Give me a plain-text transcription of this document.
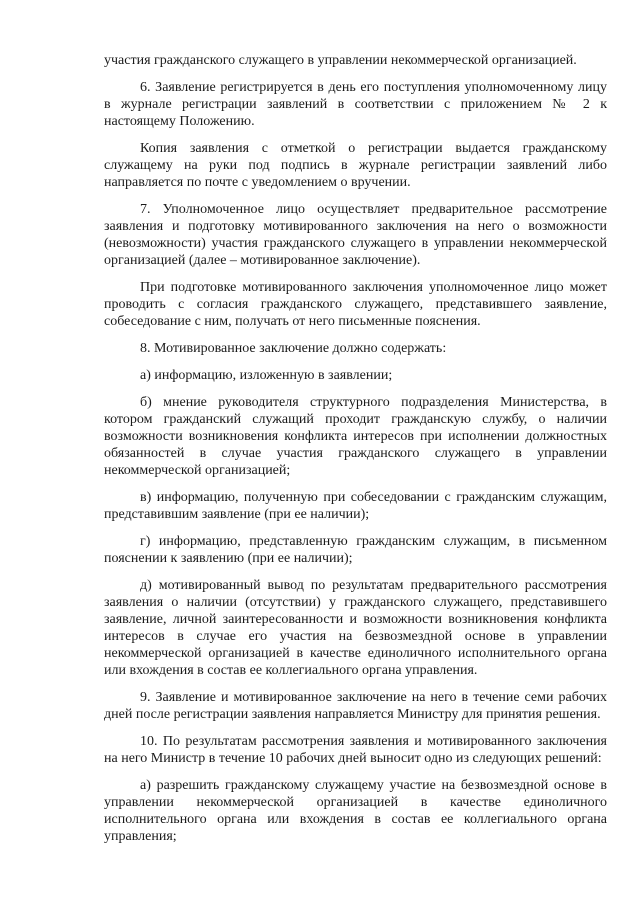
участия гражданского служащего в управлении некоммерческой организацией.

6. Заявление регистрируется в день его поступления уполномоченному лицу в журнале регистрации заявлений в соответствии с приложением № 2 к настоящему Положению.

Копия заявления с отметкой о регистрации выдается гражданскому служащему на руки под подпись в журнале регистрации заявлений либо направляется по почте с уведомлением о вручении.

7. Уполномоченное лицо осуществляет предварительное рассмотрение заявления и подготовку мотивированного заключения на него о возможности (невозможности) участия гражданского служащего в управлении некоммерческой организацией (далее – мотивированное заключение).

При подготовке мотивированного заключения уполномоченное лицо может проводить с согласия гражданского служащего, представившего заявление, собеседование с ним, получать от него письменные пояснения.

8. Мотивированное заключение должно содержать:

а) информацию, изложенную в заявлении;

б) мнение руководителя структурного подразделения Министерства, в котором гражданский служащий проходит гражданскую службу, о наличии возможности возникновения конфликта интересов при исполнении должностных обязанностей в случае участия гражданского служащего в управлении некоммерческой организацией;

в) информацию, полученную при собеседовании с гражданским служащим, представившим заявление (при ее наличии);

г) информацию, представленную гражданским служащим, в письменном пояснении к заявлению (при ее наличии);

д) мотивированный вывод по результатам предварительного рассмотрения заявления о наличии (отсутствии) у гражданского служащего, представившего заявление, личной заинтересованности и возможности возникновения конфликта интересов в случае его участия на безвозмездной основе в управлении некоммерческой организацией в качестве единоличного исполнительного органа или вхождения в состав ее коллегиального органа управления.

9. Заявление и мотивированное заключение на него в течение семи рабочих дней после регистрации заявления направляется Министру для принятия решения.

10. По результатам рассмотрения заявления и мотивированного заключения на него Министр в течение 10 рабочих дней выносит одно из следующих решений:

а) разрешить гражданскому служащему участие на безвозмездной основе в управлении некоммерческой организацией в качестве единоличного исполнительного органа или вхождения в состав ее коллегиального органа управления;
